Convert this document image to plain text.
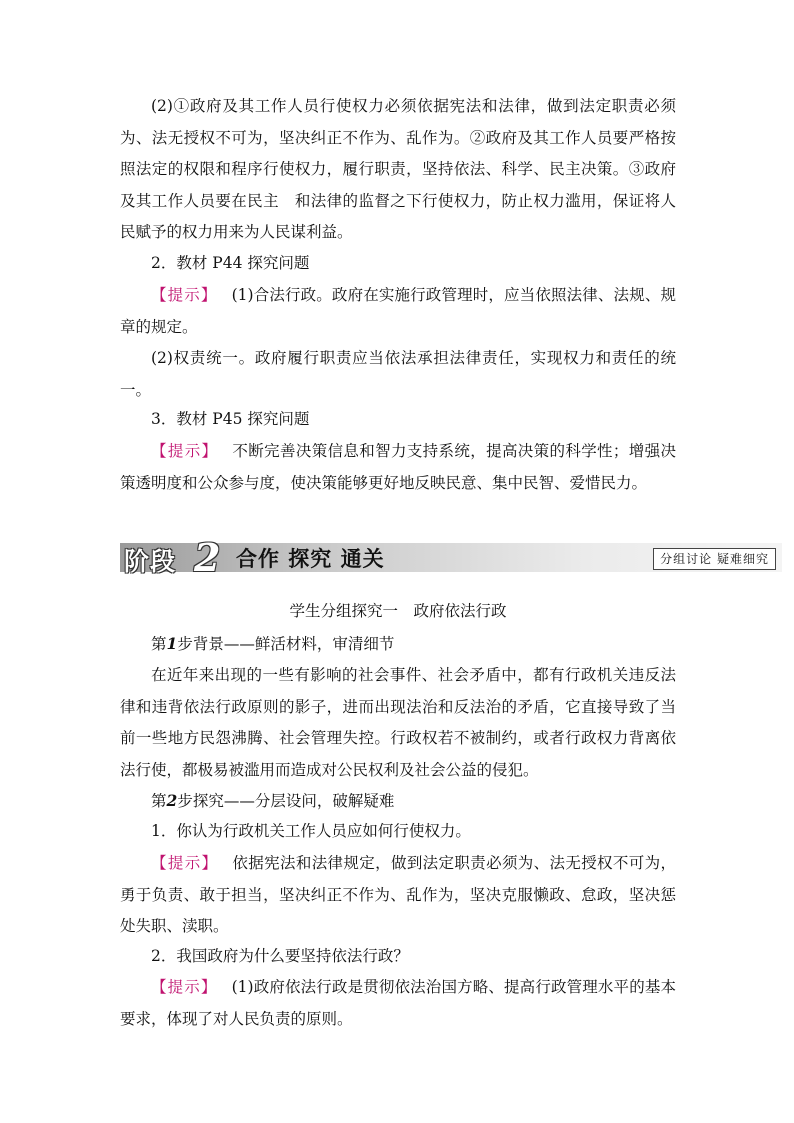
(2)①政府及其工作人员行使权力必须依据宪法和法律，做到法定职责必须为、法无授权不可为，坚决纠正不作为、乱作为。②政府及其工作人员要严格按照法定的权限和程序行使权力，履行职责，坚持依法、科学、民主决策。③政府及其工作人员要在民主　和法律的监督之下行使权力，防止权力滥用，保证将人民赋予的权力用来为人民谋利益。
2．教材 P44 探究问题
【提示】 (1)合法行政。政府在实施行政管理时，应当依照法律、法规、规章的规定。
(2)权责统一。政府履行职责应当依法承担法律责任，实现权力和责任的统一。
3．教材 P45 探究问题
【提示】 不断完善决策信息和智力支持系统，提高决策的科学性；增强决策透明度和公众参与度，使决策能够更好地反映民意、集中民智、爱惜民力。
阶段 2 合作 探究 通关	分组讨论 疑难细究
学生分组探究一　政府依法行政
第1步背景——鲜活材料，审清细节
在近年来出现的一些有影响的社会事件、社会矛盾中，都有行政机关违反法律和违背依法行政原则的影子，进而出现法治和反法治的矛盾，它直接导致了当前一些地方民怨沸腾、社会管理失控。行政权若不被制约，或者行政权力背离依法行使，都极易被滥用而造成对公民权利及社会公益的侵犯。
第2步探究——分层设问，破解疑难
1．你认为行政机关工作人员应如何行使权力。
【提示】 依据宪法和法律规定，做到法定职责必须为、法无授权不可为，勇于负责、敢于担当，坚决纠正不作为、乱作为，坚决克服懒政、怠政，坚决惩处失职、渎职。
2．我国政府为什么要坚持依法行政？
【提示】 (1)政府依法行政是贯彻依法治国方略、提高行政管理水平的基本要求，体现了对人民负责的原则。
